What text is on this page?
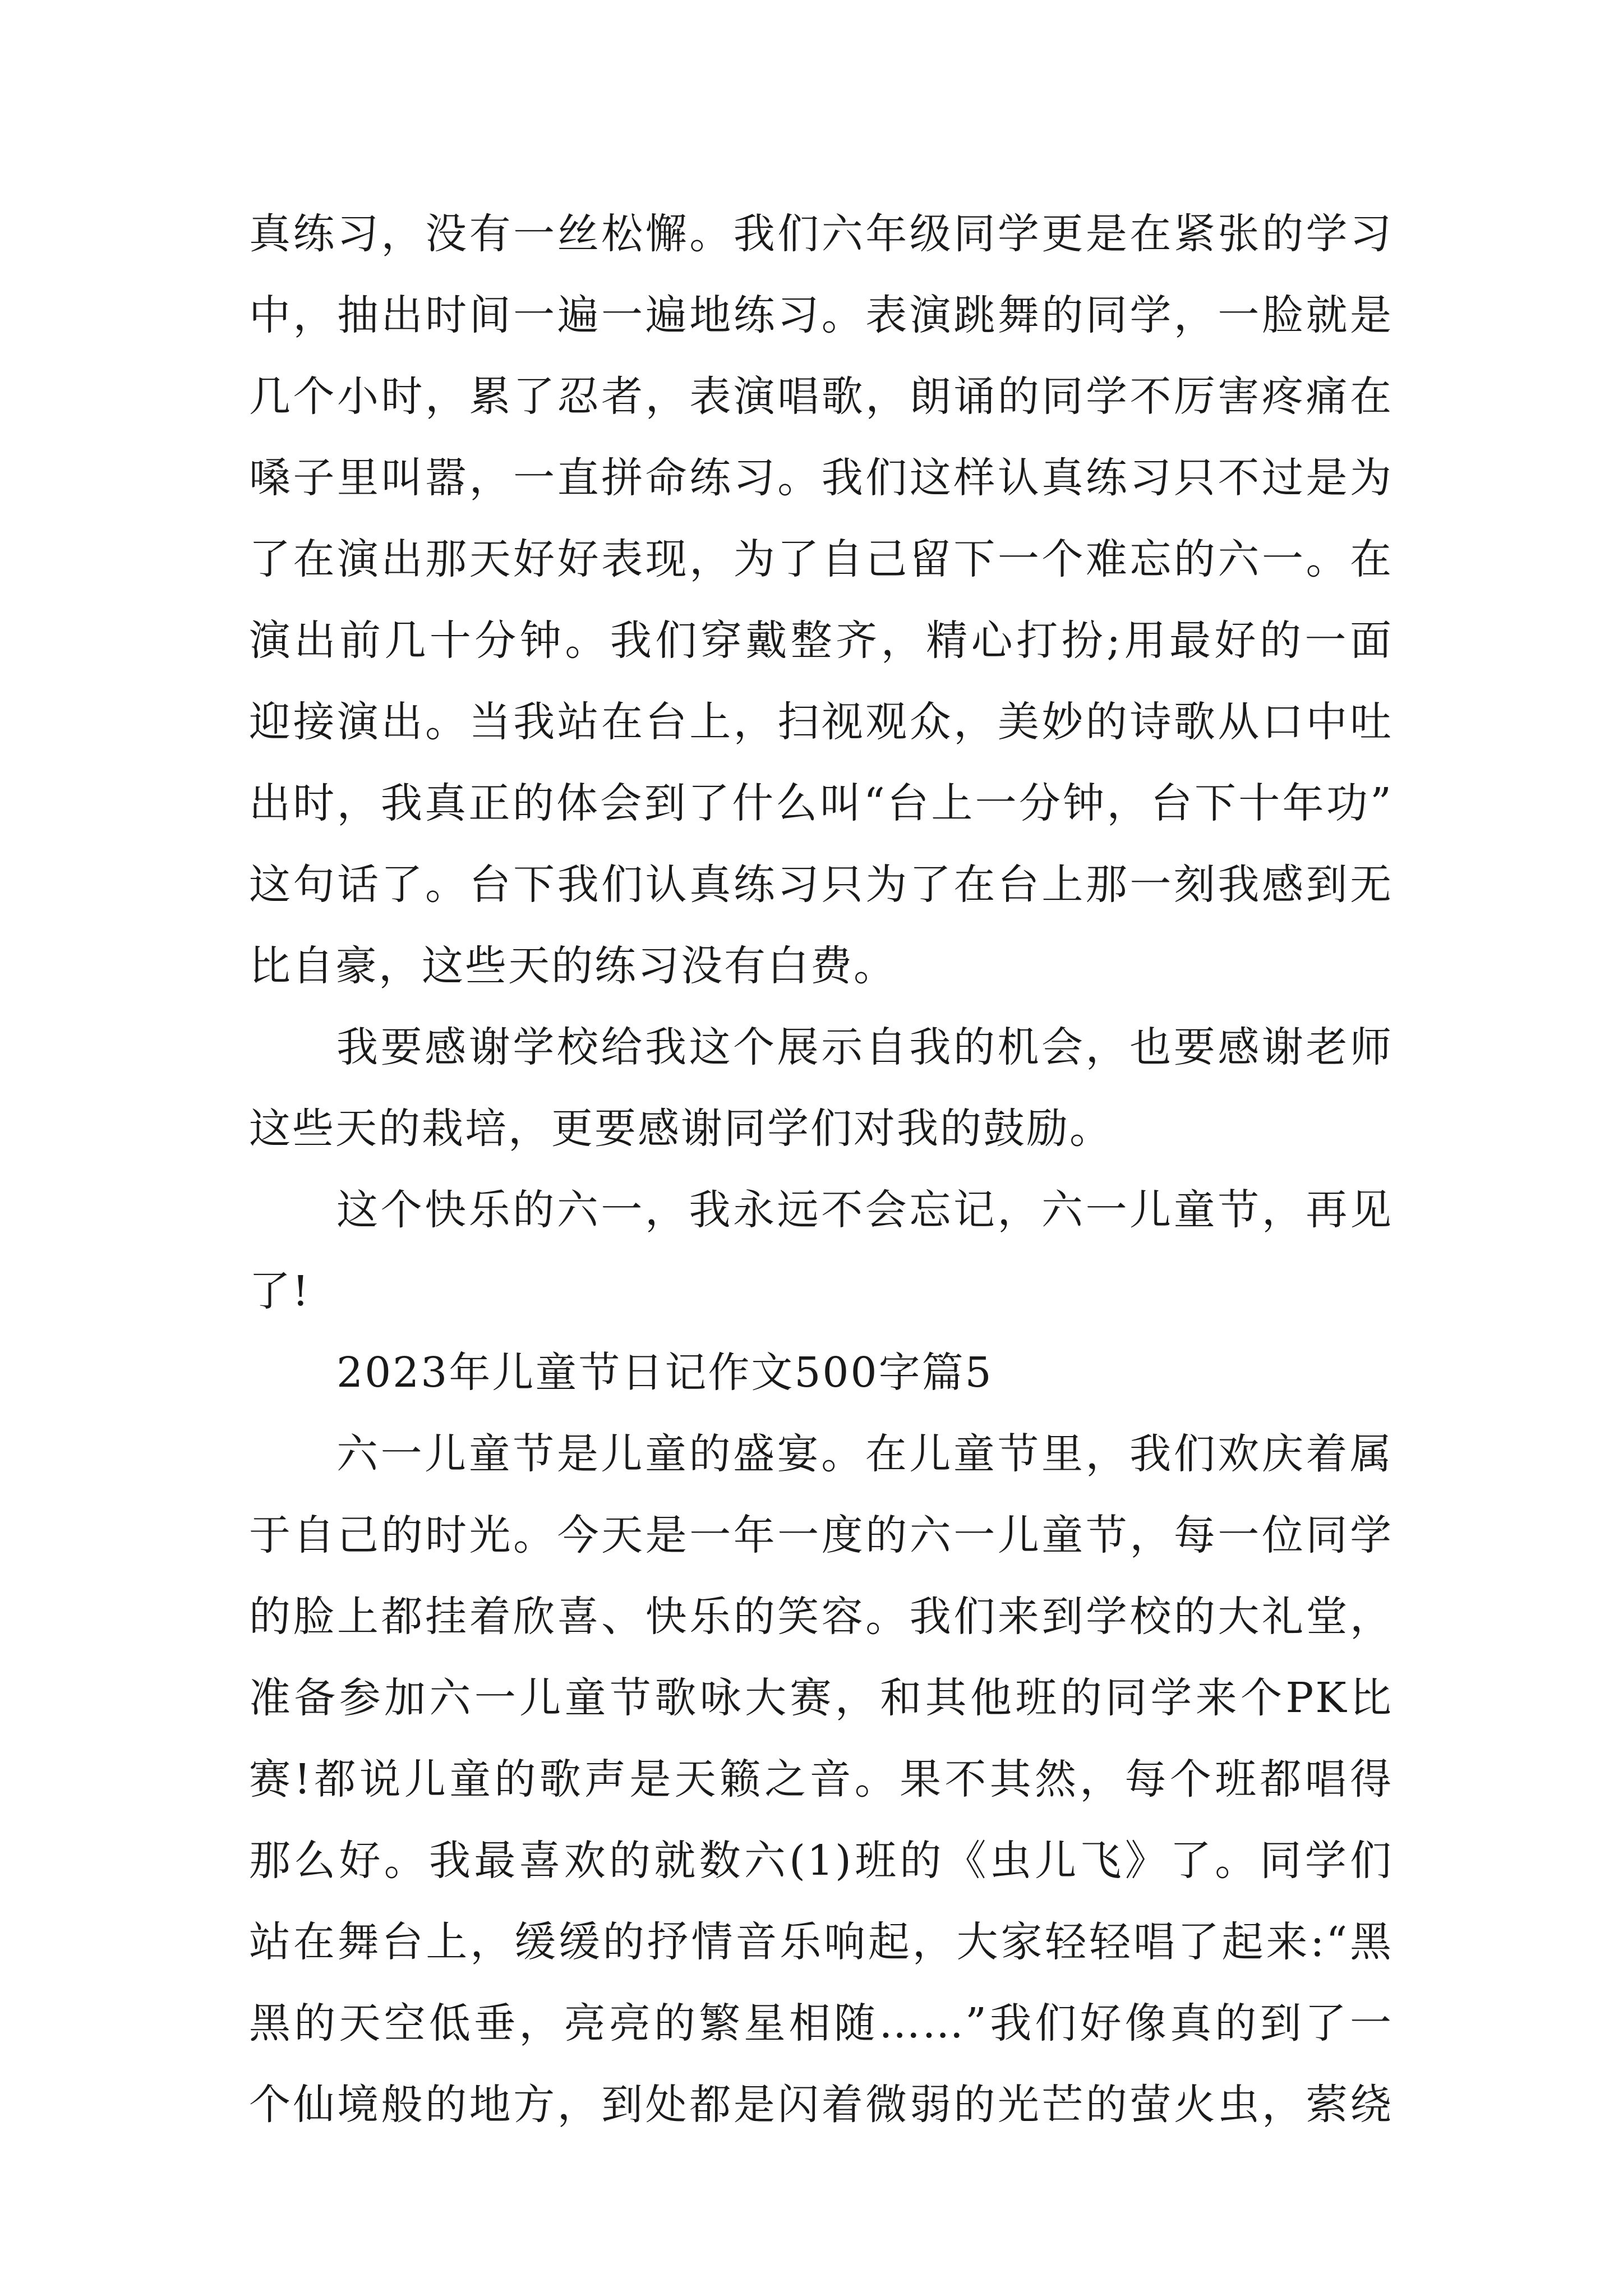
真练习，没有一丝松懈。我们六年级同学更是在紧张的学习
中，抽出时间一遍一遍地练习。表演跳舞的同学，一脸就是
几个小时，累了忍者，表演唱歌，朗诵的同学不厉害疼痛在
嗓子里叫嚣，一直拼命练习。我们这样认真练习只不过是为
了在演出那天好好表现，为了自己留下一个难忘的六一。在
演出前几十分钟。我们穿戴整齐，精心打扮;用最好的一面
迎接演出。当我站在台上，扫视观众，美妙的诗歌从口中吐
出时，我真正的体会到了什么叫“台上一分钟，台下十年功”
这句话了。台下我们认真练习只为了在台上那一刻我感到无
比自豪，这些天的练习没有白费。
我要感谢学校给我这个展示自我的机会，也要感谢老师
这些天的栽培，更要感谢同学们对我的鼓励。
这个快乐的六一，我永远不会忘记，六一儿童节，再见
了!
2023年儿童节日记作文500字篇5
六一儿童节是儿童的盛宴。在儿童节里，我们欢庆着属
于自己的时光。今天是一年一度的六一儿童节，每一位同学
的脸上都挂着欣喜、快乐的笑容。我们来到学校的大礼堂，
准备参加六一儿童节歌咏大赛，和其他班的同学来个PK比
赛!都说儿童的歌声是天籁之音。果不其然，每个班都唱得
那么好。我最喜欢的就数六(1)班的《虫儿飞》了。同学们
站在舞台上，缓缓的抒情音乐响起，大家轻轻唱了起来:“黑
黑的天空低垂，亮亮的繁星相随……”我们好像真的到了一
个仙境般的地方，到处都是闪着微弱的光芒的萤火虫，萦绕
